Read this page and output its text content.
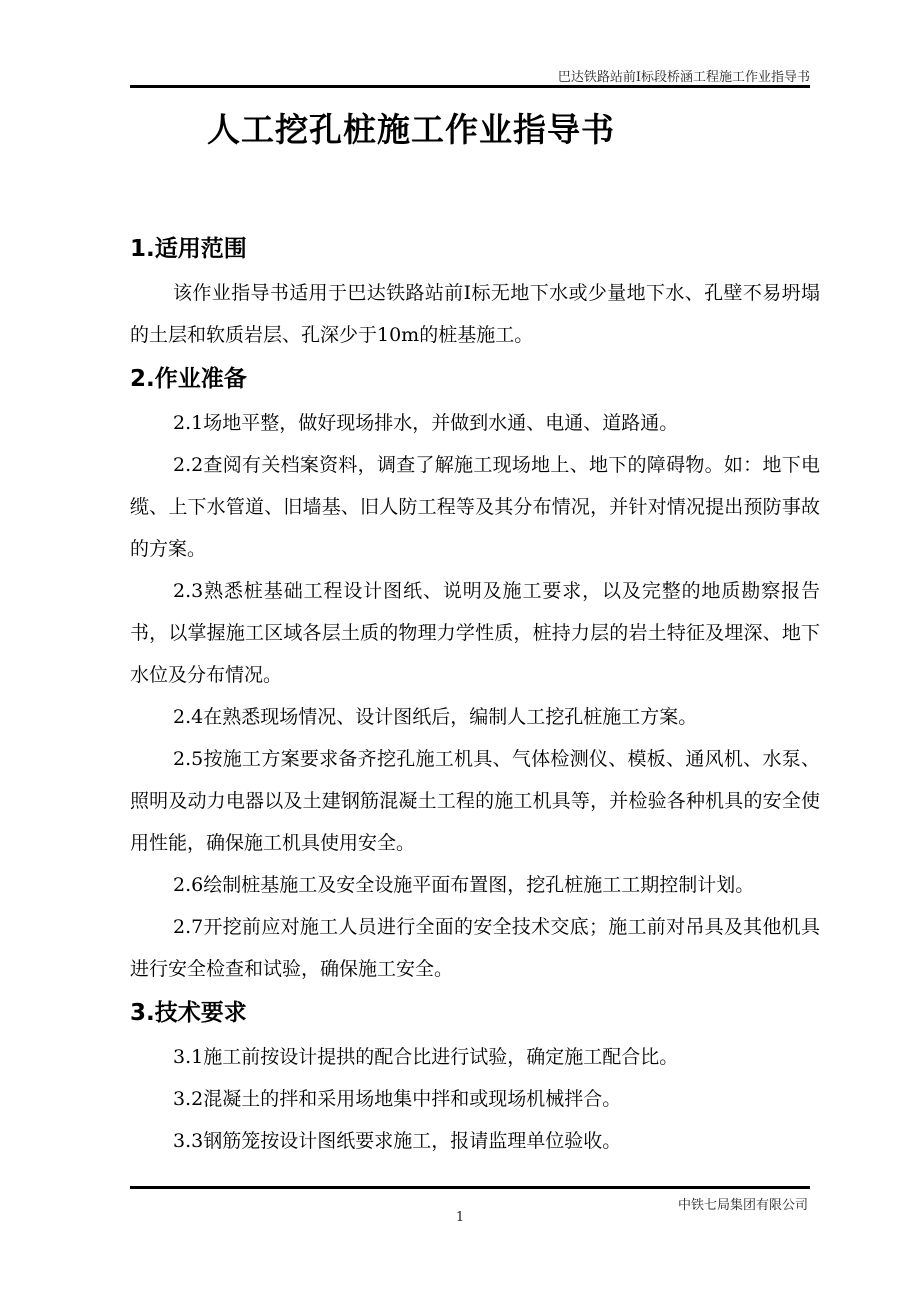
巴达铁路站前Ⅰ标段桥涵工程施工作业指导书
人工挖孔桩施工作业指导书
1.适用范围

该作业指导书适用于巴达铁路站前Ⅰ标无地下水或少量地下水、孔壁不易坍塌的土层和软质岩层、孔深少于10m的桩基施工。

2.作业准备

2.1场地平整，做好现场排水，并做到水通、电通、道路通。

2.2查阅有关档案资料，调查了解施工现场地上、地下的障碍物。如：地下电缆、上下水管道、旧墙基、旧人防工程等及其分布情况，并针对情况提出预防事故的方案。

2.3熟悉桩基础工程设计图纸、说明及施工要求，以及完整的地质勘察报告书，以掌握施工区域各层土质的物理力学性质，桩持力层的岩土特征及埋深、地下水位及分布情况。

2.4在熟悉现场情况、设计图纸后，编制人工挖孔桩施工方案。

2.5按施工方案要求备齐挖孔施工机具、气体检测仪、模板、通风机、水泵、照明及动力电器以及土建钢筋混凝土工程的施工机具等，并检验各种机具的安全使用性能，确保施工机具使用安全。

2.6绘制桩基施工及安全设施平面布置图，挖孔桩施工工期控制计划。

2.7开挖前应对施工人员进行全面的安全技术交底；施工前对吊具及其他机具进行安全检查和试验，确保施工安全。

3.技术要求

3.1施工前按设计提拱的配合比进行试验，确定施工配合比。

3.2混凝土的拌和采用场地集中拌和或现场机械拌合。

3.3钢筋笼按设计图纸要求施工，报请监理单位验收。

中铁七局集团有限公司
1
